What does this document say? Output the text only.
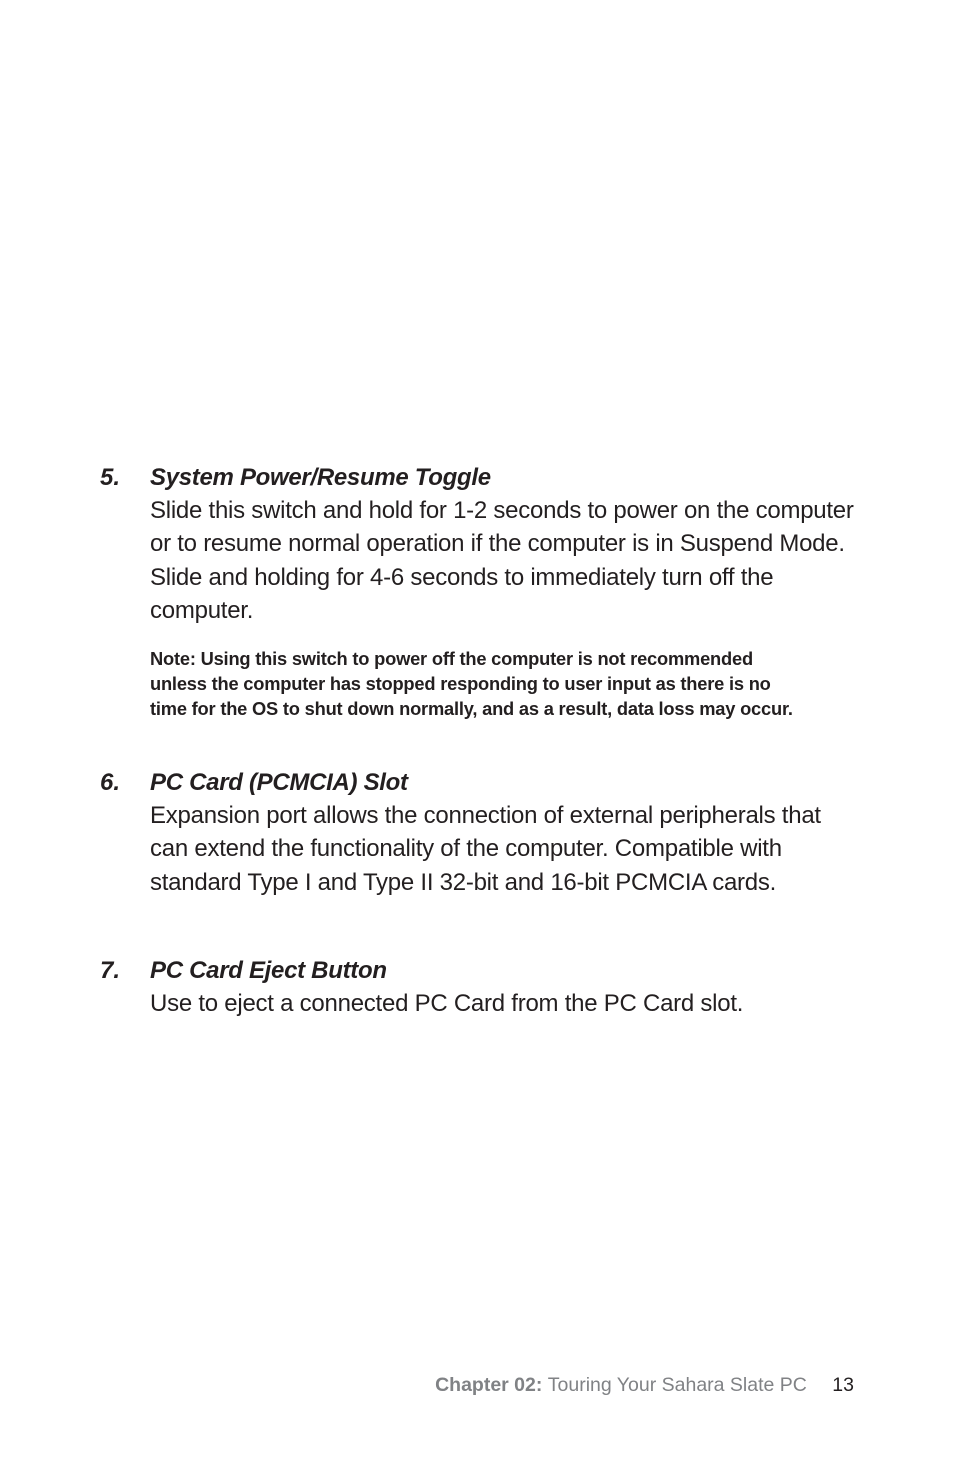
5. System Power/Resume Toggle
Slide this switch and hold for 1-2 seconds to power on the computer or to resume normal operation if the computer is in Suspend Mode. Slide and holding for 4-6 seconds to immediately turn off the computer.
Note: Using this switch to power off the computer is not recommended unless the computer has stopped responding to user input as there is no time for the OS to shut down normally, and as a result, data loss may occur.
6. PC Card (PCMCIA) Slot
Expansion port allows the connection of external peripherals that can extend the functionality of the computer. Compatible with standard Type I and Type II 32-bit and 16-bit PCMCIA cards.
7. PC Card Eject Button
Use to eject a connected PC Card from the PC Card slot.
Chapter 02: Touring Your Sahara Slate PC 13
